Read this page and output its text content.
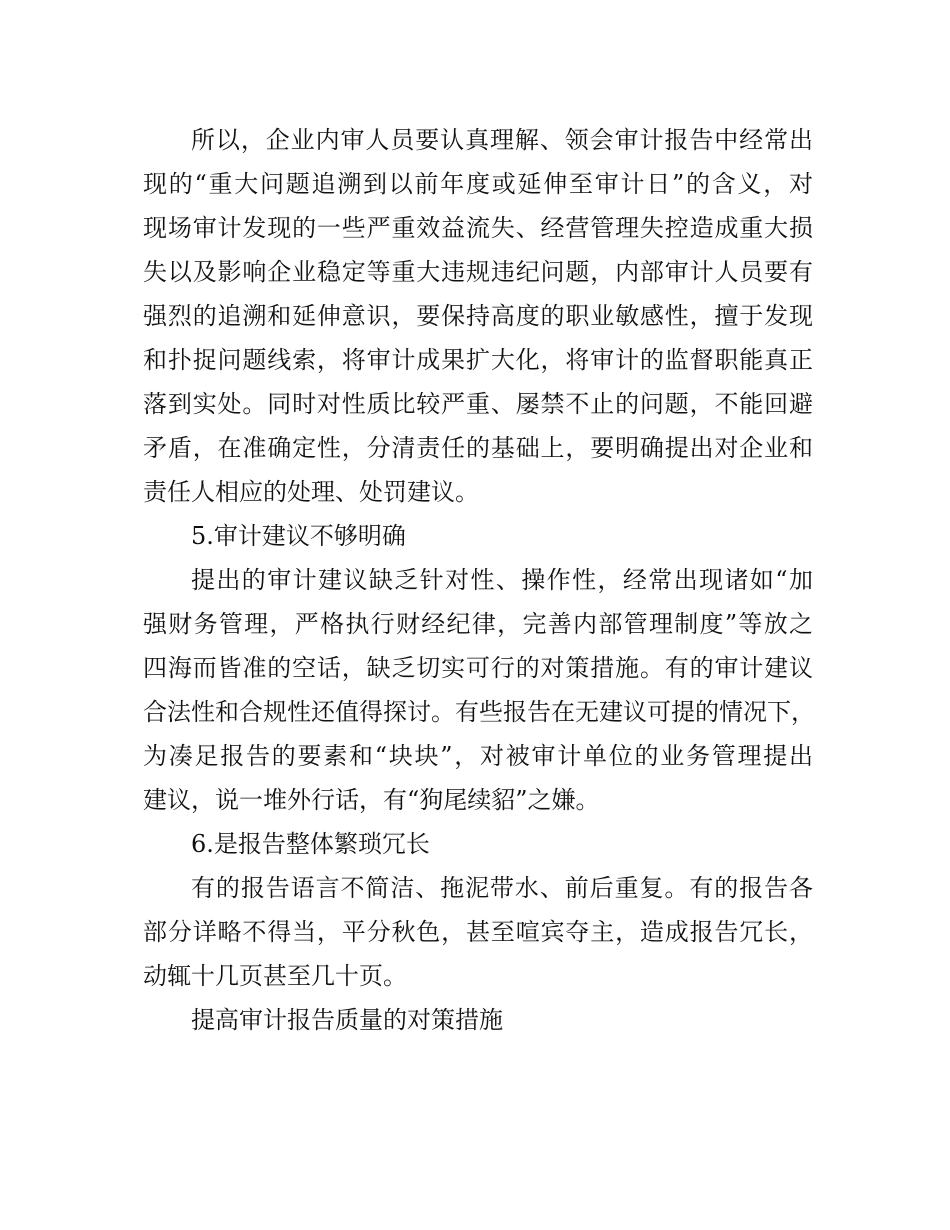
所以，企业内审人员要认真理解、领会审计报告中经常出
现的“重大问题追溯到以前年度或延伸至审计日”的含义，对
现场审计发现的一些严重效益流失、经营管理失控造成重大损
失以及影响企业稳定等重大违规违纪问题，内部审计人员要有
强烈的追溯和延伸意识，要保持高度的职业敏感性，擅于发现
和扑捉问题线索，将审计成果扩大化，将审计的监督职能真正
落到实处。同时对性质比较严重、屡禁不止的问题，不能回避
矛盾，在准确定性，分清责任的基础上，要明确提出对企业和
责任人相应的处理、处罚建议。
5.审计建议不够明确
提出的审计建议缺乏针对性、操作性，经常出现诸如“加
强财务管理，严格执行财经纪律，完善内部管理制度”等放之
四海而皆准的空话，缺乏切实可行的对策措施。有的审计建议
合法性和合规性还值得探讨。有些报告在无建议可提的情况下，
为凑足报告的要素和“块块”，对被审计单位的业务管理提出
建议，说一堆外行话，有“狗尾续貂”之嫌。
6.是报告整体繁琐冗长
有的报告语言不简洁、拖泥带水、前后重复。有的报告各
部分详略不得当，平分秋色，甚至喧宾夺主，造成报告冗长，
动辄十几页甚至几十页。
提高审计报告质量的对策措施
